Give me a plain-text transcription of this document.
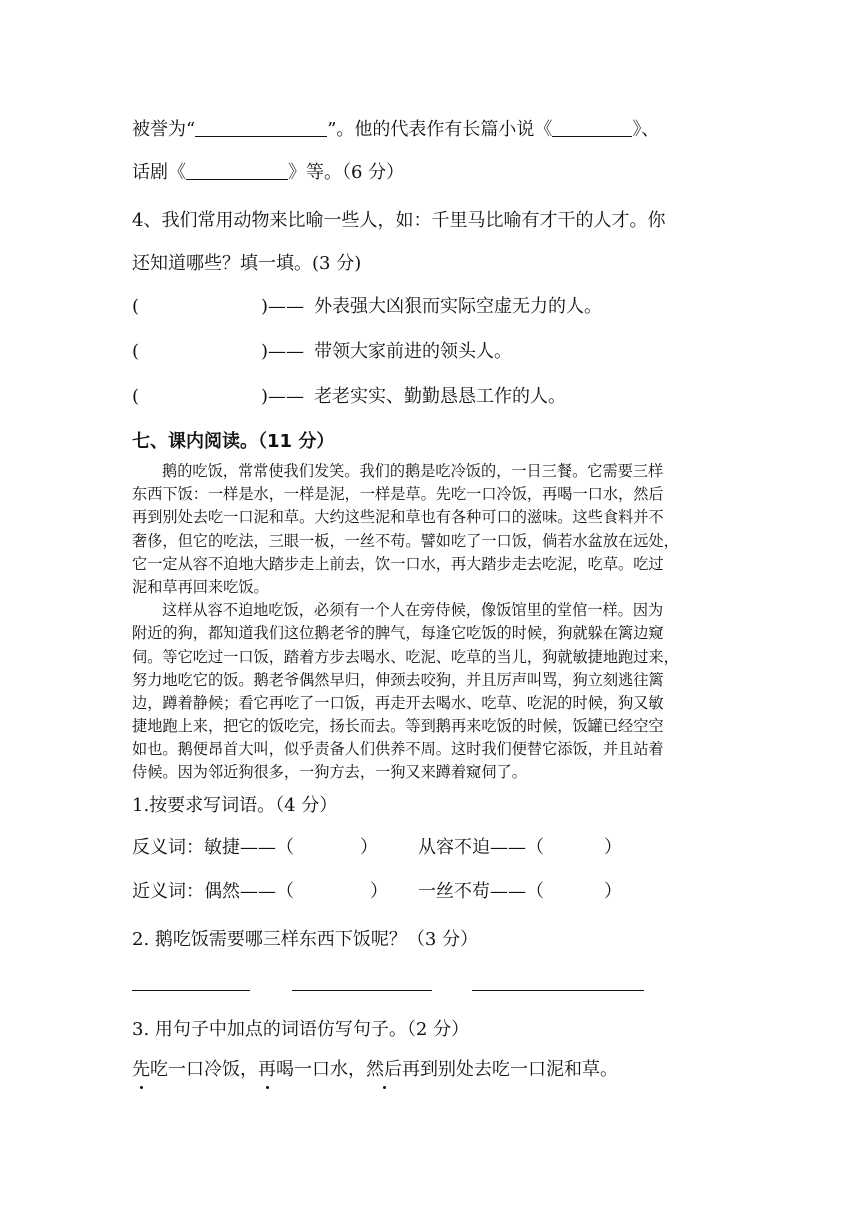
被誉为“	”。他的代表作有长篇小说《	》、
话剧《	》等。（6 分）
4、我们常用动物来比喻一些人，如：千里马比喻有才干的人才。你
还知道哪些？填一填。(3 分)
(	)—— 外表强大凶狠而实际空虚无力的人。
(	)—— 带领大家前进的领头人。
(	)—— 老老实实、勤勤恳恳工作的人。
七、课内阅读。（11 分）
鹅的吃饭，常常使我们发笑。我们的鹅是吃冷饭的，一日三餐。它需要三样
东西下饭：一样是水，一样是泥，一样是草。先吃一口冷饭，再喝一口水，然后
再到别处去吃一口泥和草。大约这些泥和草也有各种可口的滋味。这些食料并不
奢侈，但它的吃法，三眼一板，一丝不苟。譬如吃了一口饭，倘若水盆放在远处，
它一定从容不迫地大踏步走上前去，饮一口水，再大踏步走去吃泥，吃草。吃过
泥和草再回来吃饭。
这样从容不迫地吃饭，必须有一个人在旁侍候，像饭馆里的堂倌一样。因为
附近的狗，都知道我们这位鹅老爷的脾气，每逢它吃饭的时候，狗就躲在篱边窥
伺。等它吃过一口饭，踏着方步去喝水、吃泥、吃草的当儿，狗就敏捷地跑过来，
努力地吃它的饭。鹅老爷偶然早归，伸颈去咬狗，并且厉声叫骂，狗立刻逃往篱
边，蹲着静候；看它再吃了一口饭，再走开去喝水、吃草、吃泥的时候，狗又敏
捷地跑上来，把它的饭吃完，扬长而去。等到鹅再来吃饭的时候，饭罐已经空空
如也。鹅便昂首大叫，似乎责备人们供养不周。这时我们便替它添饭，并且站着
侍候。因为邻近狗很多，一狗方去，一狗又来蹲着窥伺了。
1.按要求写词语。（4 分）
反义词：敏捷——（	） 从容不迫——（	）
近义词：偶然——（	） 一丝不苟——（	）
2. 鹅吃饭需要哪三样东西下饭呢？（3 分）
3. 用句子中加点的词语仿写句子。（2 分）
先吃一口冷饭，再喝一口水，然后再到别处去吃一口泥和草。
